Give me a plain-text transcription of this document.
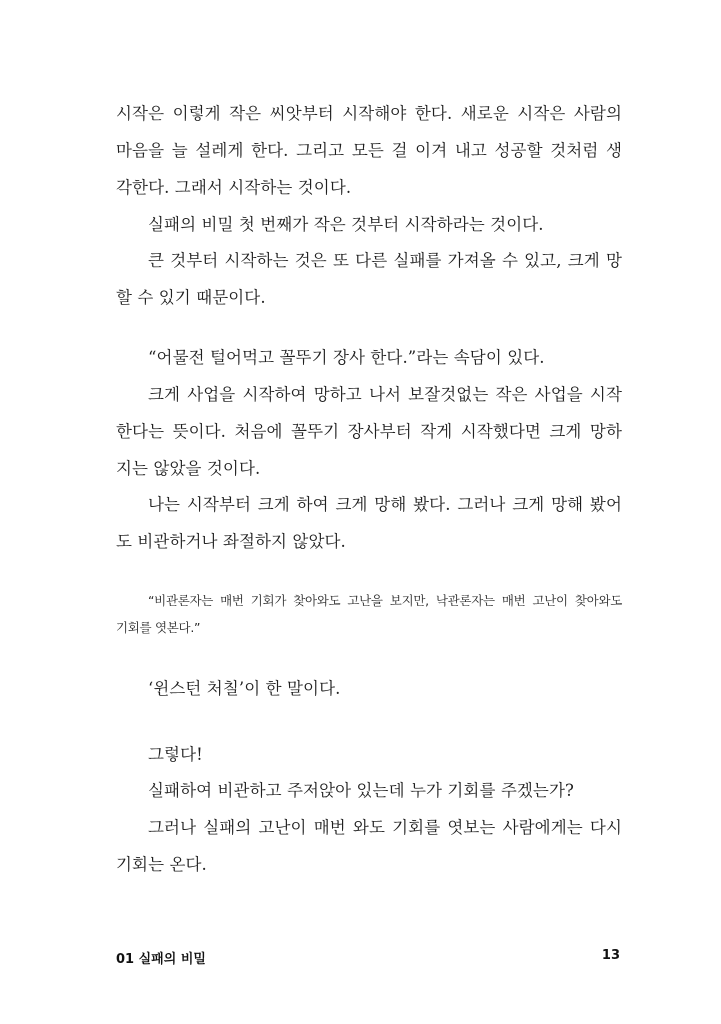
시작은 이렇게 작은 씨앗부터 시작해야 한다. 새로운 시작은 사람의
마음을 늘 설레게 한다. 그리고 모든 걸 이겨 내고 성공할 것처럼 생
각한다. 그래서 시작하는 것이다.
실패의 비밀 첫 번째가 작은 것부터 시작하라는 것이다.
큰 것부터 시작하는 것은 또 다른 실패를 가져올 수 있고, 크게 망
할 수 있기 때문이다.
“어물전 털어먹고 꼴뚜기 장사 한다.”라는 속담이 있다.
크게 사업을 시작하여 망하고 나서 보잘것없는 작은 사업을 시작
한다는 뜻이다. 처음에 꼴뚜기 장사부터 작게 시작했다면 크게 망하
지는 않았을 것이다.
나는 시작부터 크게 하여 크게 망해 봤다. 그러나 크게 망해 봤어
도 비관하거나 좌절하지 않았다.
“비관론자는 매번 기회가 찾아와도 고난을 보지만, 낙관론자는 매번 고난이 찾아와도
기회를 엿본다.”
‘윈스턴 처칠’이 한 말이다.
그렇다!
실패하여 비관하고 주저앉아 있는데 누가 기회를 주겠는가?
그러나 실패의 고난이 매번 와도 기회를 엿보는 사람에게는 다시
기회는 온다.
01 실패의 비밀	13
